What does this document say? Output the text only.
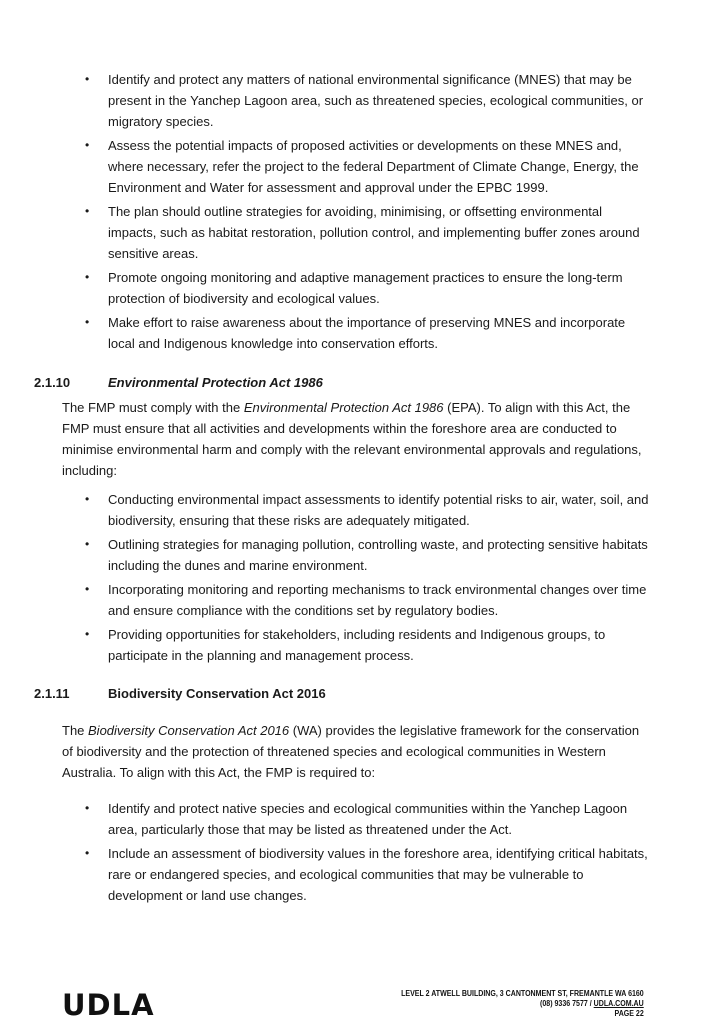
• Identify and protect any matters of national environmental significance (MNES) that may be present in the Yanchep Lagoon area, such as threatened species, ecological communities, or migratory species.
• Assess the potential impacts of proposed activities or developments on these MNES and, where necessary, refer the project to the federal Department of Climate Change, Energy, the Environment and Water for assessment and approval under the EPBC 1999.
• The plan should outline strategies for avoiding, minimising, or offsetting environmental impacts, such as habitat restoration, pollution control, and implementing buffer zones around sensitive areas.
• Promote ongoing monitoring and adaptive management practices to ensure the long-term protection of biodiversity and ecological values.
• Make effort to raise awareness about the importance of preserving MNES and incorporate local and Indigenous knowledge into conservation efforts.
2.1.10	Environmental Protection Act 1986
The FMP must comply with the Environmental Protection Act 1986 (EPA). To align with this Act, the FMP must ensure that all activities and developments within the foreshore area are conducted to minimise environmental harm and comply with the relevant environmental approvals and regulations, including:
• Conducting environmental impact assessments to identify potential risks to air, water, soil, and biodiversity, ensuring that these risks are adequately mitigated.
• Outlining strategies for managing pollution, controlling waste, and protecting sensitive habitats including the dunes and marine environment.
• Incorporating monitoring and reporting mechanisms to track environmental changes over time and ensure compliance with the conditions set by regulatory bodies.
• Providing opportunities for stakeholders, including residents and Indigenous groups, to participate in the planning and management process.
2.1.11	Biodiversity Conservation Act 2016
The Biodiversity Conservation Act 2016 (WA) provides the legislative framework for the conservation of biodiversity and the protection of threatened species and ecological communities in Western Australia. To align with this Act, the FMP is required to:
• Identify and protect native species and ecological communities within the Yanchep Lagoon area, particularly those that may be listed as threatened under the Act.
• Include an assessment of biodiversity values in the foreshore area, identifying critical habitats, rare or endangered species, and ecological communities that may be vulnerable to development or land use changes.
UDLA	LEVEL 2 ATWELL BUILDING, 3 CANTONMENT ST, FREMANTLE WA 6160
(08) 9336 7577 / UDLA.COM.AU
PAGE 22
